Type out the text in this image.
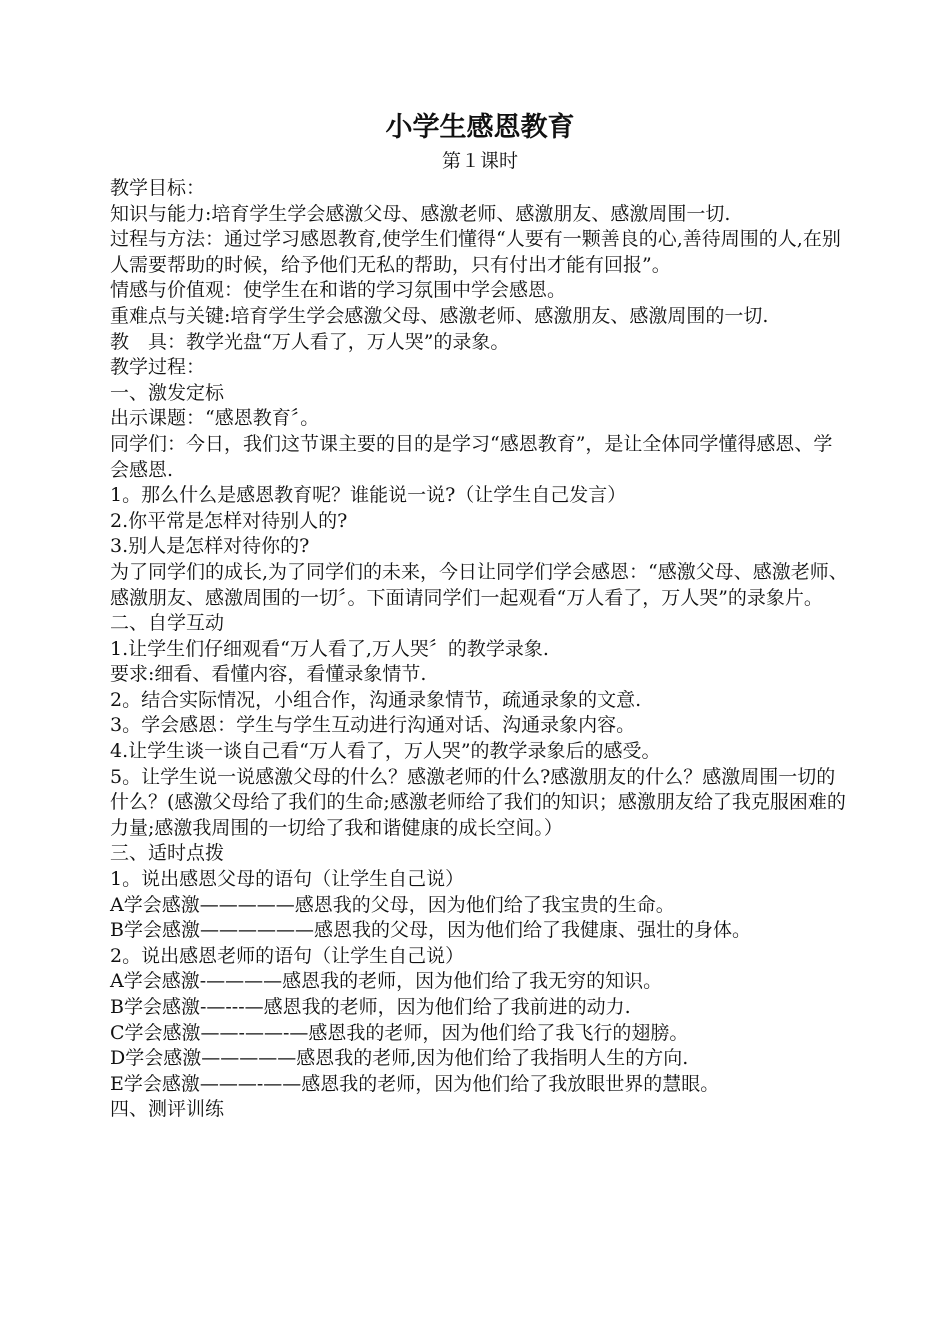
小学生感恩教育
第１课时

教学目标：

知识与能力:培育学生学会感激父母、感激老师、感激朋友、感激周围一切.

过程与方法：通过学习感恩教育,使学生们懂得“人要有一颗善良的心,善待周围的人,在别人需要帮助的时候，给予他们无私的帮助，只有付出才能有回报”。

情感与价值观：使学生在和谐的学习氛围中学会感恩。

重难点与关键:培育学生学会感激父母、感激老师、感激朋友、感激周围的一切.

教　具：教学光盘“万人看了，万人哭”的录象。

教学过程：

一、激发定标

出示课题：“感恩教育〞。

同学们：今日，我们这节课主要的目的是学习“感恩教育”，是让全体同学懂得感恩、学会感恩.

1。那么什么是感恩教育呢？谁能说一说?（让学生自己发言）

2.你平常是怎样对待别人的?

3.别人是怎样对待你的?

为了同学们的成长,为了同学们的未来，今日让同学们学会感恩：“感激父母、感激老师、感激朋友、感激周围的一切〞。下面请同学们一起观看“万人看了，万人哭”的录象片。

二、自学互动

1.让学生们仔细观看“万人看了,万人哭〞的教学录象.

要求:细看、看懂内容，看懂录象情节.

2。结合实际情况，小组合作，沟通录象情节，疏通录象的文意.

3。学会感恩：学生与学生互动进行沟通对话、沟通录象内容。

4.让学生谈一谈自己看“万人看了，万人哭”的教学录象后的感受。

5。让学生说一说感激父母的什么？感激老师的什么?感激朋友的什么？感激周围一切的什么？(感激父母给了我们的生命;感激老师给了我们的知识；感激朋友给了我克服困难的力量;感激我周围的一切给了我和谐健康的成长空间。）

三、适时点拨

1。说出感恩父母的语句（让学生自己说）

A学会感激—————感恩我的父母，因为他们给了我宝贵的生命。

B学会感激——————感恩我的父母，因为他们给了我健康、强壮的身体。

2。说出感恩老师的语句（让学生自己说）

A学会感激-————感恩我的老师，因为他们给了我无穷的知识。

B学会感激-—---—感恩我的老师，因为他们给了我前进的动力.

C学会感激——-——-—感恩我的老师，因为他们给了我飞行的翅膀。

D学会感激—————感恩我的老师,因为他们给了我指明人生的方向.

E学会感激———-——感恩我的老师，因为他们给了我放眼世界的慧眼。

四、测评训练
